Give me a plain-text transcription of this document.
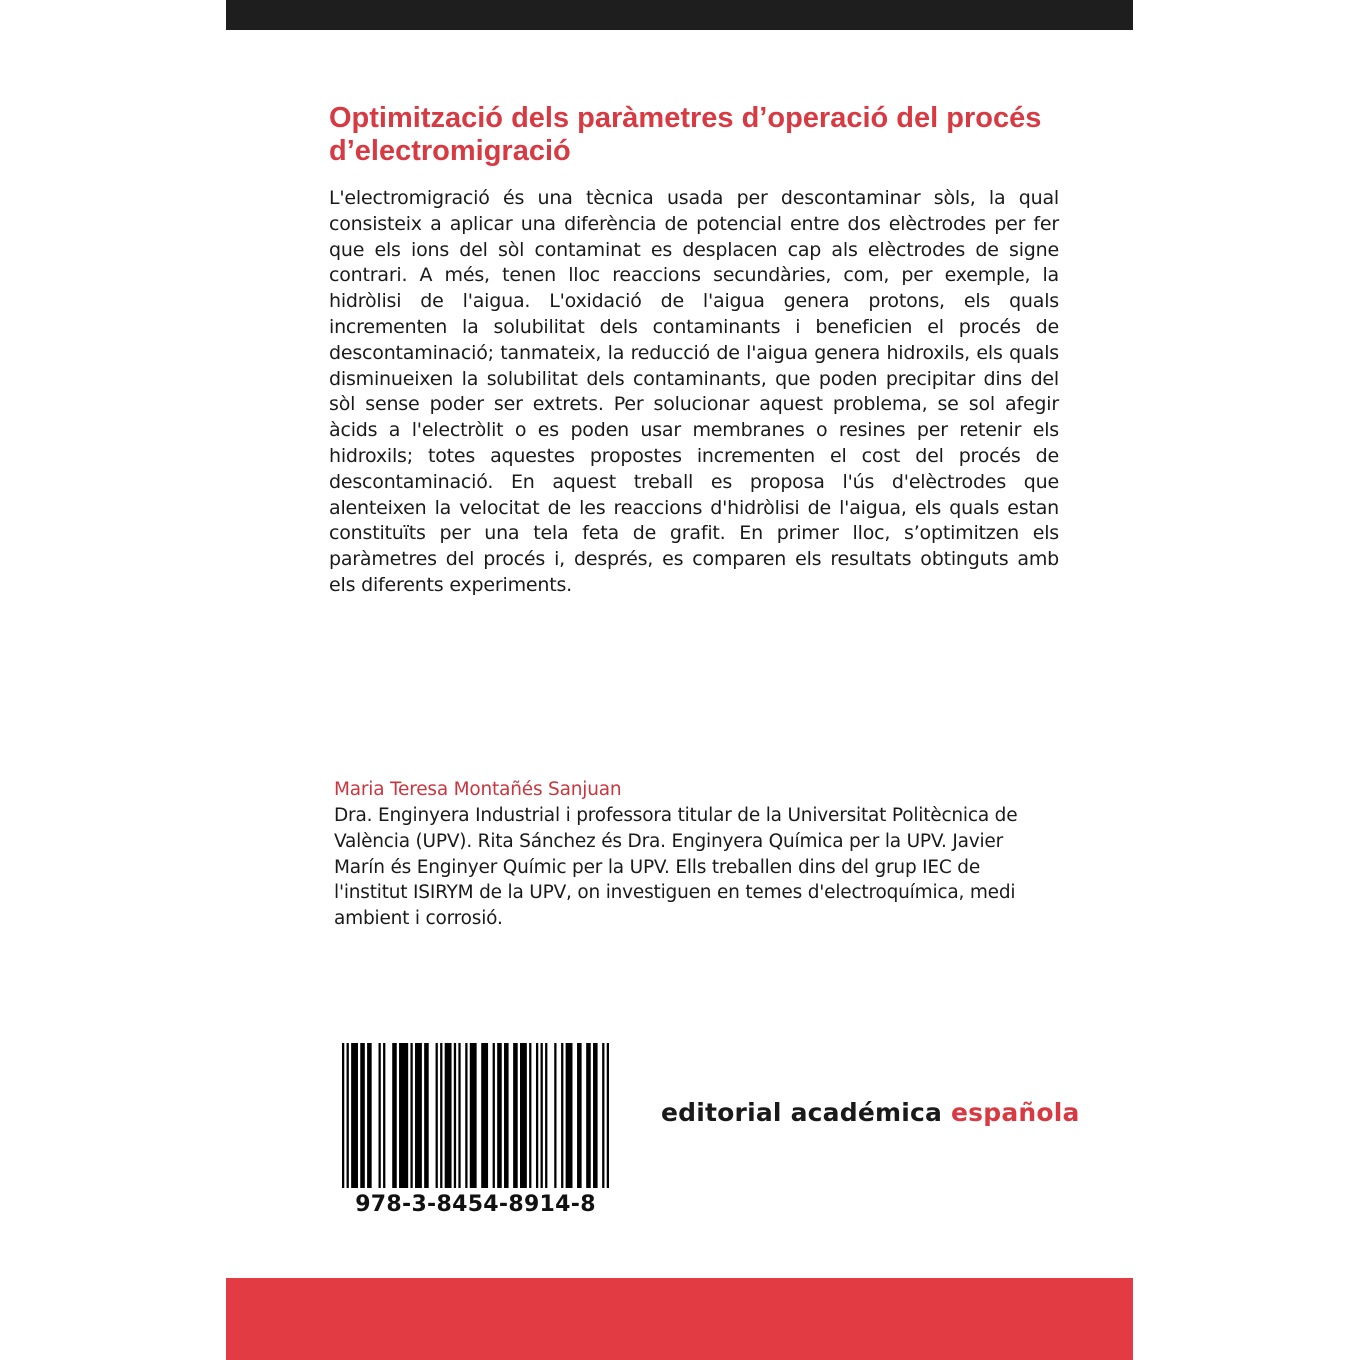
Optimització dels paràmetres d’operació del procés d’electromigració

L'electromigració és una tècnica usada per descontaminar sòls, la qual consisteix a aplicar una diferència de potencial entre dos elèctrodes per fer que els ions del sòl contaminat es desplacen cap als elèctrodes de signe contrari. A més, tenen lloc reaccions secundàries, com, per exemple, la hidròlisi de l'aigua. L'oxidació de l'aigua genera protons, els quals incrementen la solubilitat dels contaminants i beneficien el procés de descontaminació; tanmateix, la reducció de l'aigua genera hidroxils, els quals disminueixen la solubilitat dels contaminants, que poden precipitar dins del sòl sense poder ser extrets. Per solucionar aquest problema, se sol afegir àcids a l'electròlit o es poden usar membranes o resines per retenir els hidroxils; totes aquestes propostes incrementen el cost del procés de descontaminació. En aquest treball es proposa l'ús d'elèctrodes que alenteixen la velocitat de les reaccions d'hidròlisi de l'aigua, els quals estan constituïts per una tela feta de grafit. En primer lloc, s’optimitzen els paràmetres del procés i, després, es comparen els resultats obtinguts amb els diferents experiments.

Maria Teresa Montañés Sanjuan

Dra. Enginyera Industrial i professora titular de la Universitat Politècnica de València (UPV). Rita Sánchez és Dra. Enginyera Química per la UPV. Javier Marín és Enginyer Químic per la UPV. Ells treballen dins del grup IEC de l'institut ISIRYM de la UPV, on investiguen en temes d'electroquímica, medi ambient i corrosió.

978-3-8454-8914-8

editorial académica española
